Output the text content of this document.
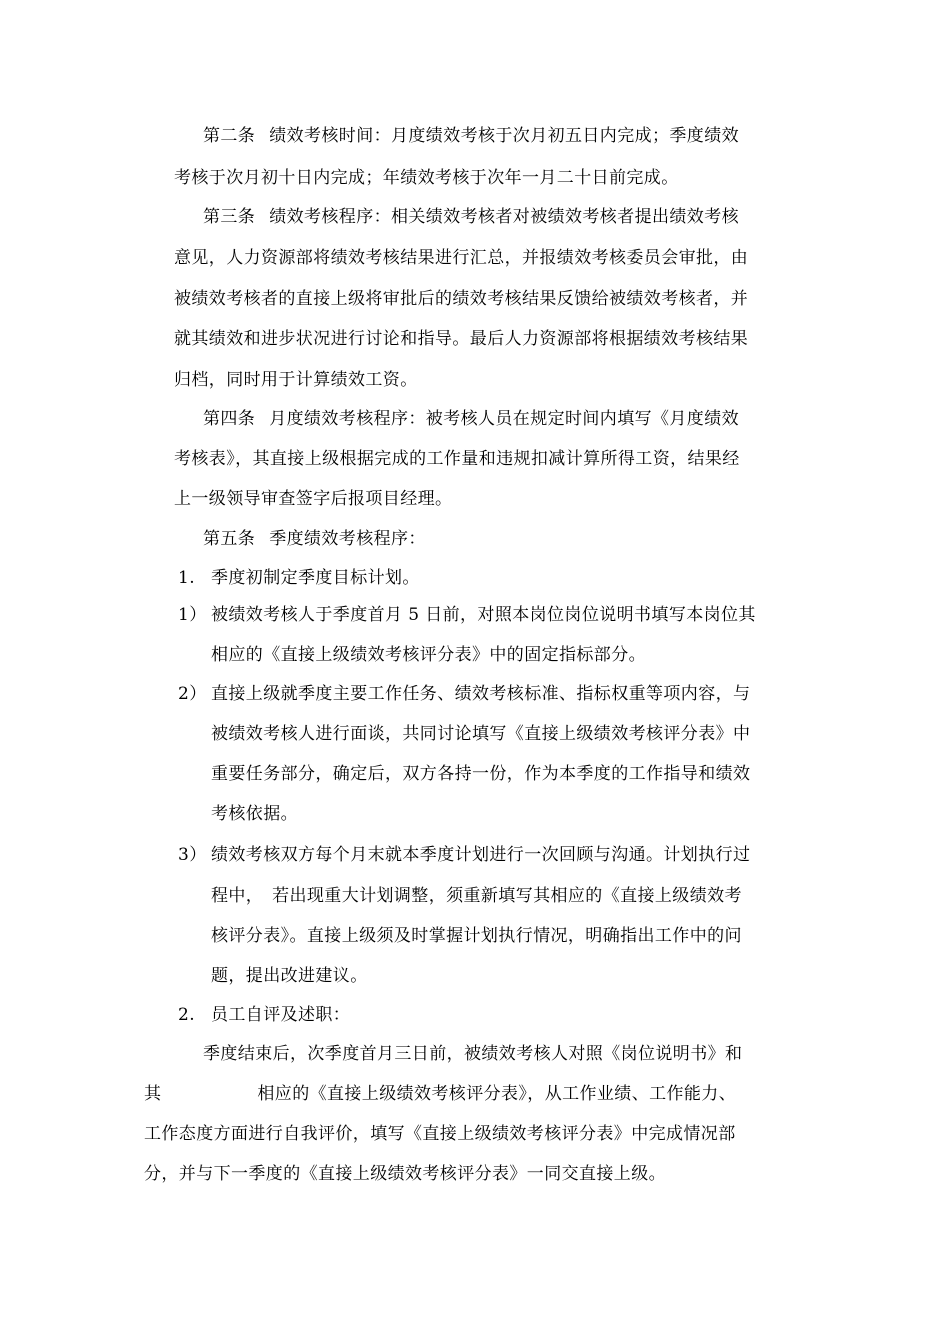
第二条 绩效考核时间：月度绩效考核于次月初五日内完成；季度绩效
考核于次月初十日内完成；年绩效考核于次年一月二十日前完成。
第三条 绩效考核程序：相关绩效考核者对被绩效考核者提出绩效考核
意见，人力资源部将绩效考核结果进行汇总，并报绩效考核委员会审批，由
被绩效考核者的直接上级将审批后的绩效考核结果反馈给被绩效考核者，并
就其绩效和进步状况进行讨论和指导。最后人力资源部将根据绩效考核结果
归档，同时用于计算绩效工资。
第四条 月度绩效考核程序：被考核人员在规定时间内填写《月度绩效
考核表》，其直接上级根据完成的工作量和违规扣减计算所得工资，结果经
上一级领导审查签字后报项目经理。
第五条 季度绩效考核程序：
1. 季度初制定季度目标计划。
1） 被绩效考核人于季度首月 5 日前，对照本岗位岗位说明书填写本岗位其
相应的《直接上级绩效考核评分表》中的固定指标部分。
2） 直接上级就季度主要工作任务、绩效考核标准、指标权重等项内容，与
被绩效考核人进行面谈，共同讨论填写《直接上级绩效考核评分表》中
重要任务部分，确定后，双方各持一份，作为本季度的工作指导和绩效
考核依据。
3） 绩效考核双方每个月末就本季度计划进行一次回顾与沟通。计划执行过
程中，　若出现重大计划调整，须重新填写其相应的《直接上级绩效考
核评分表》。直接上级须及时掌握计划执行情况，明确指出工作中的问
题，提出改进建议。
2. 员工自评及述职：
季度结束后，次季度首月三日前，被绩效考核人对照《岗位说明书》和
其	相应的《直接上级绩效考核评分表》，从工作业绩、工作能力、
工作态度方面进行自我评价，填写《直接上级绩效考核评分表》中完成情况部
分，并与下一季度的《直接上级绩效考核评分表》一同交直接上级。
